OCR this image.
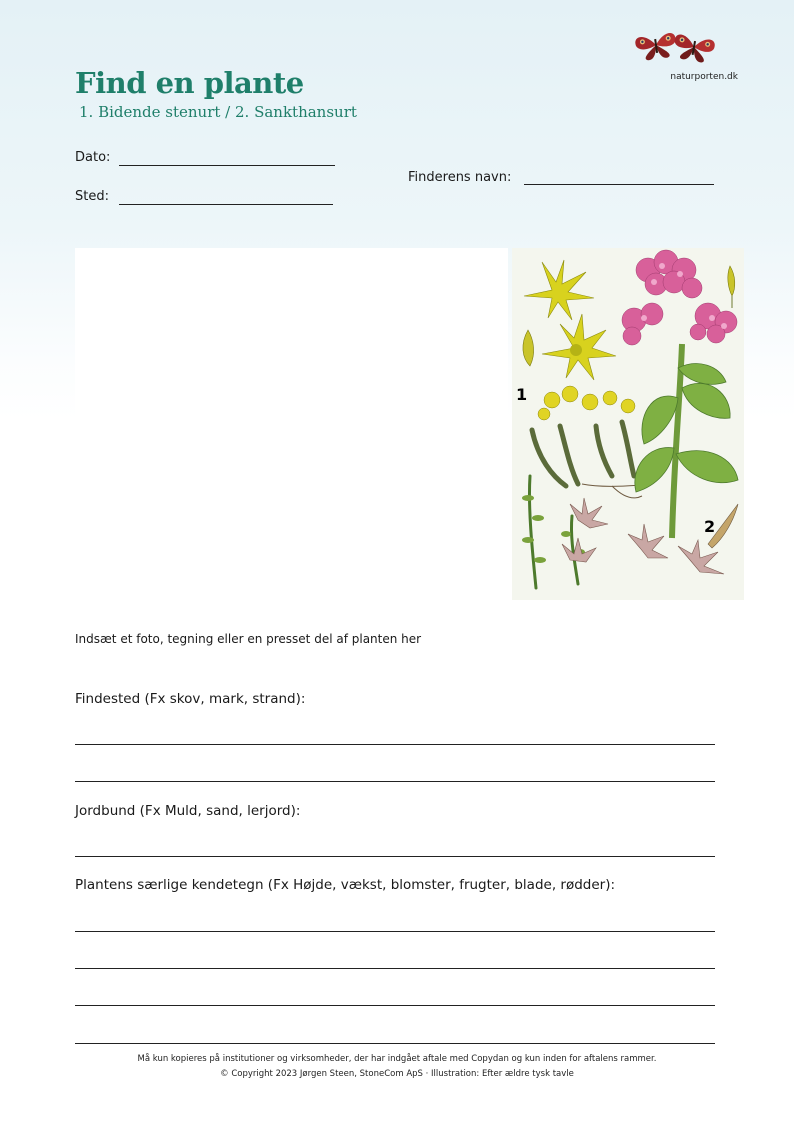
naturporten.dk
Find en plante
1. Bidende stenurt / 2. Sankthansurt
Dato:
Finderens navn:
Sted:
1
2
Indsæt et foto, tegning eller en presset del af planten her
Findested (Fx skov, mark, strand):
Jordbund (Fx Muld, sand, lerjord):
Plantens særlige kendetegn (Fx Højde, vækst, blomster, frugter, blade, rødder):
Må kun kopieres på institutioner og virksomheder, der har indgået aftale med Copydan og kun inden for aftalens rammer.
© Copyright 2023 Jørgen Steen, StoneCom ApS · Illustration: Efter ældre tysk tavle
